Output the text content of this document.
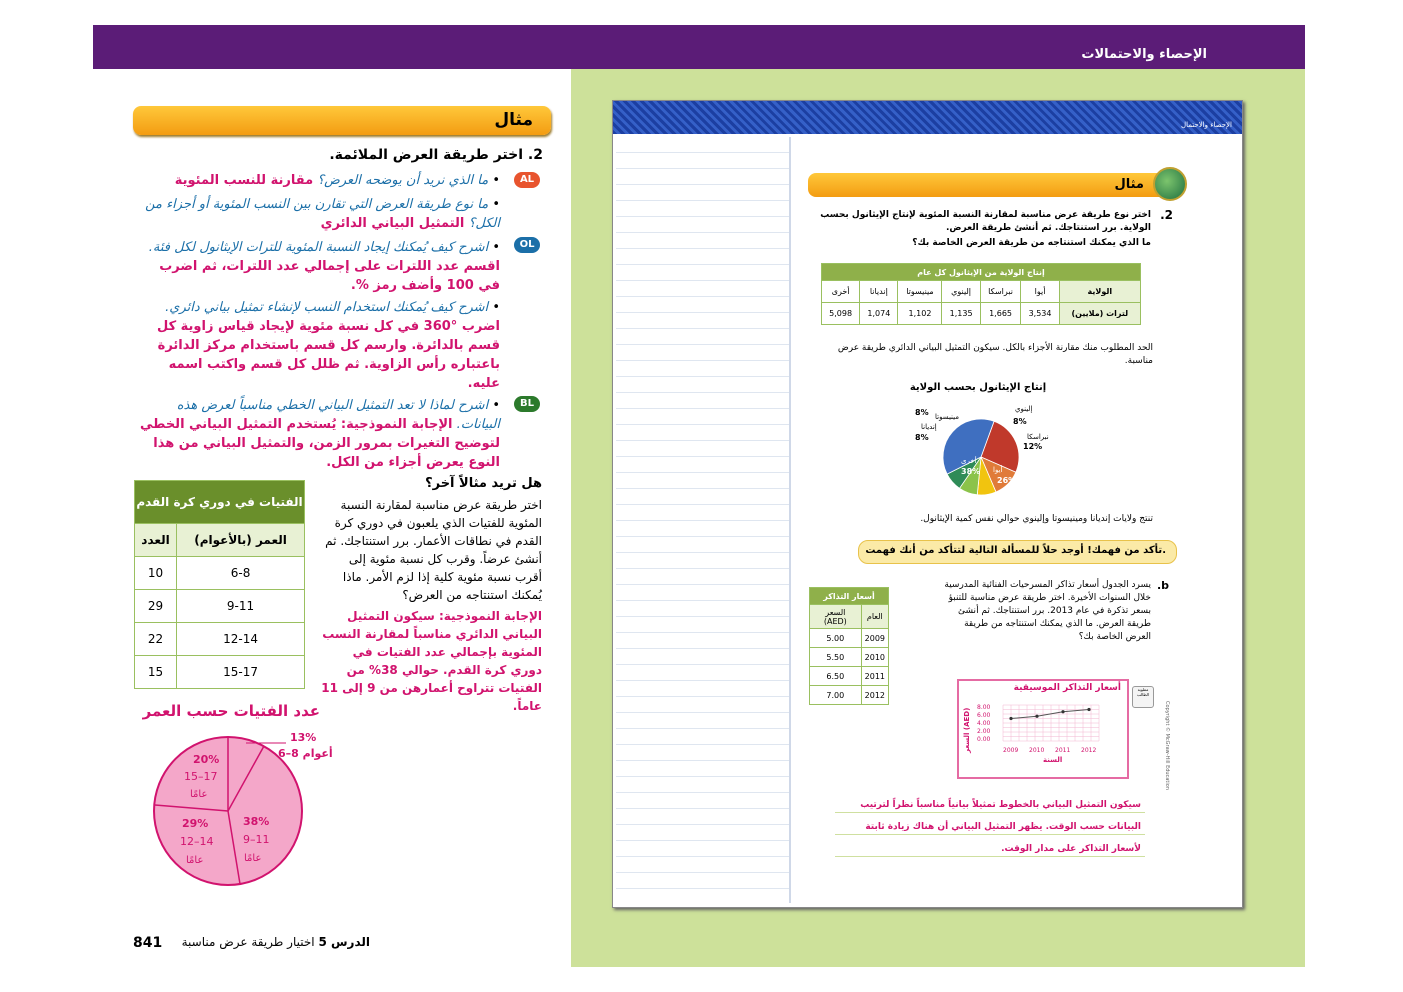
الإحصاء والاحتمالات
مثال
2. اختر طريقة العرض الملائمة.
AL
OL
BL
• ما الذي نريد أن يوضحه العرض؟ مقارنة للنسب المئوية
• ما نوع طريقة العرض التي تقارن بين النسب المئوية أو أجزاء من الكل؟ التمثيل البياني الدائري
• اشرح كيف يُمكنك إيجاد النسبة المئوية للترات الإيثانول لكل فئة. اقسم عدد اللترات على إجمالي عدد اللترات، ثم اضرب في 100 وأضف رمز %.
• اشرح كيف يُمكنك استخدام النسب لإنشاء تمثيل بياني دائري. اضرب °360 في كل نسبة مئوية لإيجاد قياس زاوية كل قسم بالدائرة. وارسم كل قسم باستخدام مركز الدائرة باعتباره رأس الزاوية. ثم ظلل كل قسم واكتب اسمه عليه.
• اشرح لماذا لا تعد التمثيل البياني الخطي مناسباً لعرض هذه البيانات. الإجابة النموذجية: يُستخدم التمثيل البياني الخطي لتوضيح التغيرات بمرور الزمن، والتمثيل البياني من هذا النوع يعرض أجزاء من الكل.
هل تريد مثالاً آخر؟
اختر طريقة عرض مناسبة لمقارنة النسبة المئوية للفتيات الذي يلعبون في دوري كرة القدم في نطاقات الأعمار. برر استنتاجك. ثم أنشئ عرضاً. وقرب كل نسبة مئوية إلى أقرب نسبة مئوية كلية إذا لزم الأمر. ماذا يُمكنك استنتاجه من العرض؟
الإجابة النموذجية: سيكون التمثيل البياني الدائري مناسباً لمقارنة النسب المئوية بإجمالي عدد الفتيات في دوري كرة القدم. حوالي 38% من الفتيات تتراوح أعمارهن من 9 إلى 11 عاماً.
الفتيات في دوري كرة القدم	
العدد	العمر (بالأعوام)
10	6-8
29	9-11
22	12-14
15	15-17
عدد الفتيات حسب العمر
13%
6–8 أعوام
38%
9–11
عامًا
29%
12–14
عامًا
20%
15–17
عامًا
841	الدرس 5 اختيار طريقة عرض مناسبة
الإحصاء والاحتمال
مثال
اختر نوع طريقة عرض مناسبة لمقارنة النسبة المئوية لإنتاج الإيثانول بحسب الولاية. برر استنتاجك. ثم أنشئ طريقة العرض.
2.
ما الذي يمكنك استنتاجه من طريقة العرض الخاصة بك؟
إنتاج الولاية من الإيثانول كل عام						
أخرى	إنديانا	مينيسوتا	إلينوي	نبراسكا	أيوا	الولاية
5,098	1,074	1,102	1,135	1,665	3,534	لترات (ملايين)
الحد المطلوب منك مقارنة الأجزاء بالكل. سيكون التمثيل البياني الدائري طريقة عرض مناسبة.
إنتاج الإيثانول بحسب الولاية
مينيسوتا
8%	إلينوي
8%
إنديانا
8%	نبراسكا
12%
أيوا
26%
أخرى
38%
تنتج ولايات إنديانا ومينيسوتا وإلينوي حوالي نفس كمية الإيثانول.
تأكد من فهمك! أوجد حلاً للمسألة التالية لتتأكد من أنك فهمت.
يسرد الجدول أسعار تذاكر المسرحيات الفنائية المدرسية خلال السنوات الأخيرة. اختر طريقة عرض مناسبة للتنبؤ بسعر تذكرة في عام 2013. برر استنتاجك. ثم أنشئ طريقة العرض. ما الذي يمكنك استنتاجه من طريقة العرض الخاصة بك؟
b.
أسعار التذاكر	
السعر (AED)	العام
5.00	2009
5.50	2010
6.50	2011
7.00	2012
أسعار التذاكر الموسيقية
السعر (AED)
8.00
6.00
4.00
2.00
0.00
2009 2010 2011 2012
السنة
مطوية الطالب
سيكون التمثيل البياني بالخطوط تمثيلاً بيانياً مناسباً نظراً لترتيب
البيانات حسب الوقت. يظهر التمثيل البياني أن هناك زيادة ثابتة
لأسعار التذاكر على مدار الوقت.
Copyright © McGraw-Hill Education
